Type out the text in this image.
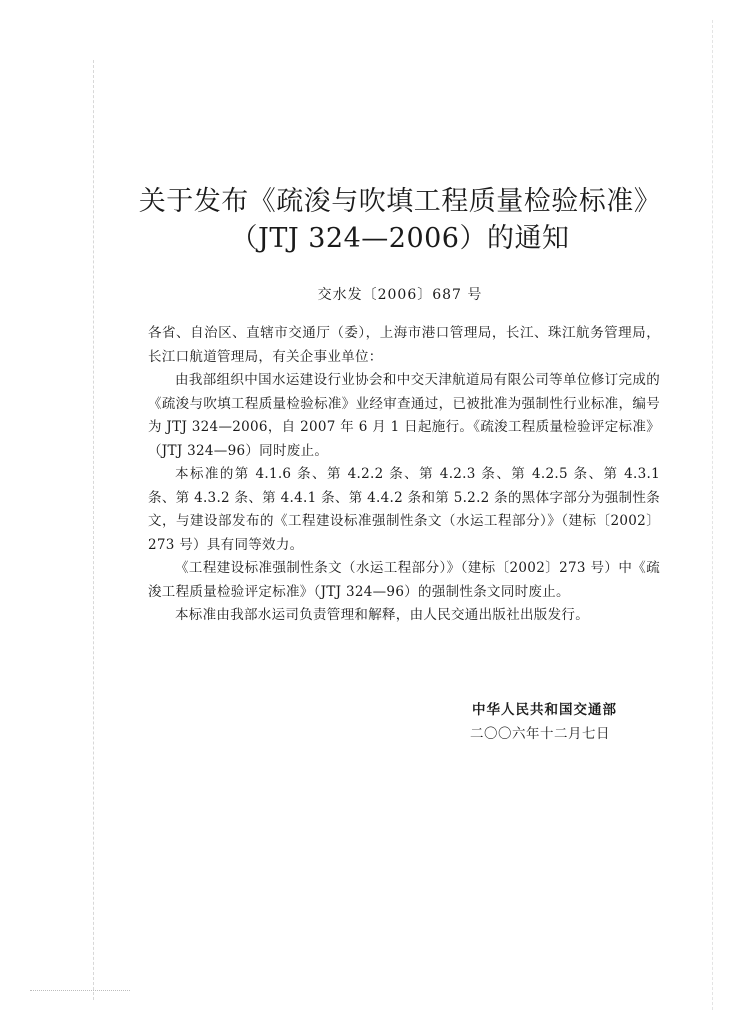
关于发布《疏浚与吹填工程质量检验标准》
（JTJ 324—2006）的通知
交水发〔2006〕687 号

各省、自治区、直辖市交通厅（委），上海市港口管理局，长江、珠江航务管理局，长江口航道管理局，有关企事业单位：

由我部组织中国水运建设行业协会和中交天津航道局有限公司等单位修订完成的《疏浚与吹填工程质量检验标准》业经审查通过，已被批准为强制性行业标准，编号为 JTJ 324—2006，自 2007 年 6 月 1 日起施行。《疏浚工程质量检验评定标准》（JTJ 324—96）同时废止。

本标准的第 4.1.6 条、第 4.2.2 条、第 4.2.3 条、第 4.2.5 条、第 4.3.1 条、第 4.3.2 条、第 4.4.1 条、第 4.4.2 条和第 5.2.2 条的黑体字部分为强制性条文，与建设部发布的《工程建设标准强制性条文（水运工程部分）》（建标〔2002〕273 号）具有同等效力。

《工程建设标准强制性条文（水运工程部分）》（建标〔2002〕273 号）中《疏浚工程质量检验评定标准》（JTJ 324—96）的强制性条文同时废止。

本标准由我部水运司负责管理和解释，由人民交通出版社出版发行。

中华人民共和国交通部
二〇〇六年十二月七日
